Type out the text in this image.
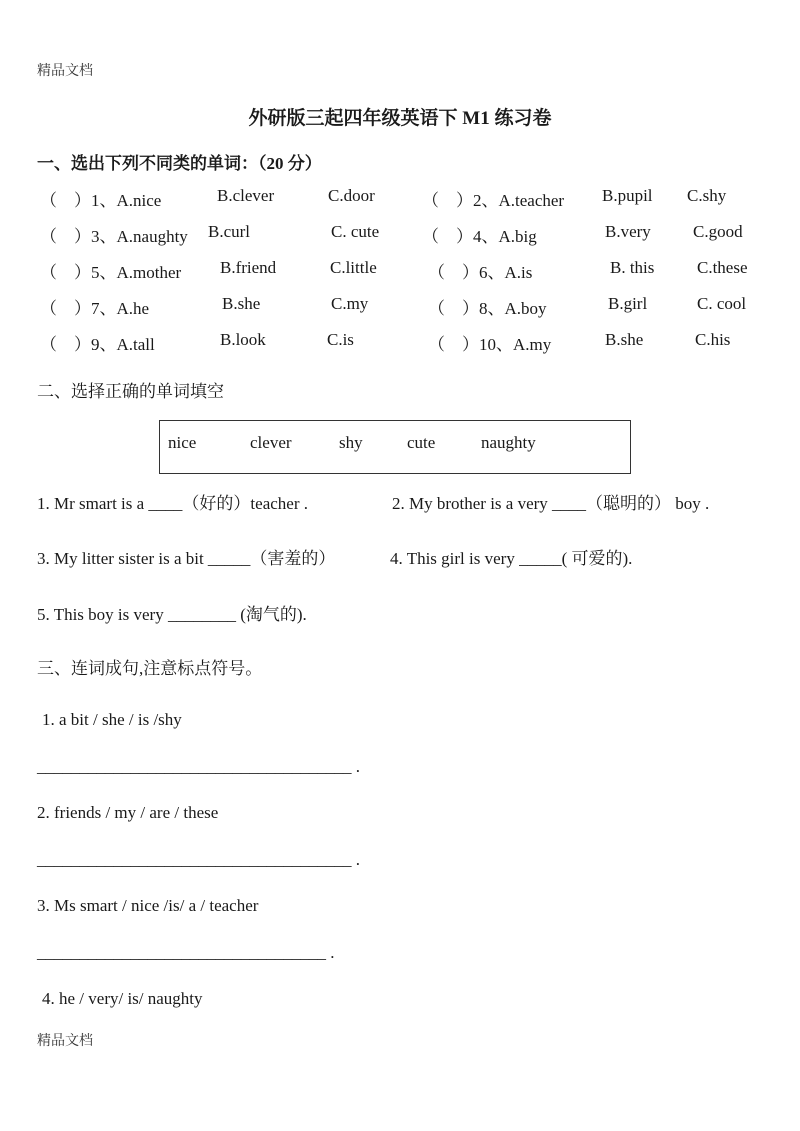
精品文档
外研版三起四年级英语下 M1 练习卷
一、选出下列不同类的单词：（20 分）
（　）1、A.nice	B.clever	C.door	（　）2、A.teacher B.pupil C.shy
（　）3、A.naughty B.curl	C. cute	（　）4、A.big	B.very C.good
（　）5、A.mother B.friend	C.little	（　）6、A.is	B. this	C.these
（　）7、A.he	B.she	C.my	（　）8、A.boy	B.girl	C. cool
（　）9、A.tall	B.look	C.is	（　）10、A.my	B.she	C.his
二、选择正确的单词填空
nice	clever	shy	cute	naughty
1. Mr smart is a ____（好的）teacher .	2. My brother is a very ____（聪明的） boy .
3. My litter sister is a bit _____（害羞的）	4. This girl is very _____( 可爱的).
5. This boy is very ________ (淘气的).
三、连词成句,注意标点符号。
1. a bit / she / is /shy
_____________________________________ .
2. friends / my / are / these
_____________________________________ .
3. Ms smart / nice /is/ a / teacher
__________________________________ .
4. he / very/ is/ naughty
精品文档
